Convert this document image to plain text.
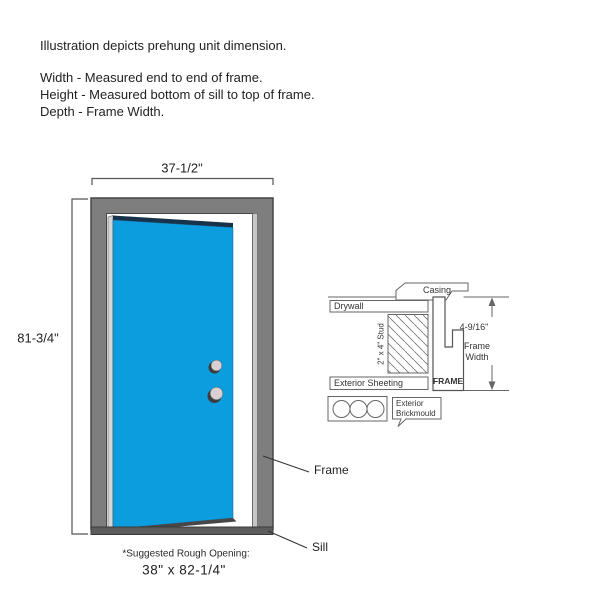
Illustration depicts prehung unit dimension.
Width - Measured end to end of frame.
Height - Measured bottom of sill to top of frame.
Depth - Frame Width.
37-1/2"
81-3/4"
Frame
Sill
*Suggested Rough Opening:
38" x 82-1/4"
Casing
Drywall
2" x 4" Stud
Exterior Sheeting	FRAME
Exterior
Brickmould
4-9/16"
Frame
Width
